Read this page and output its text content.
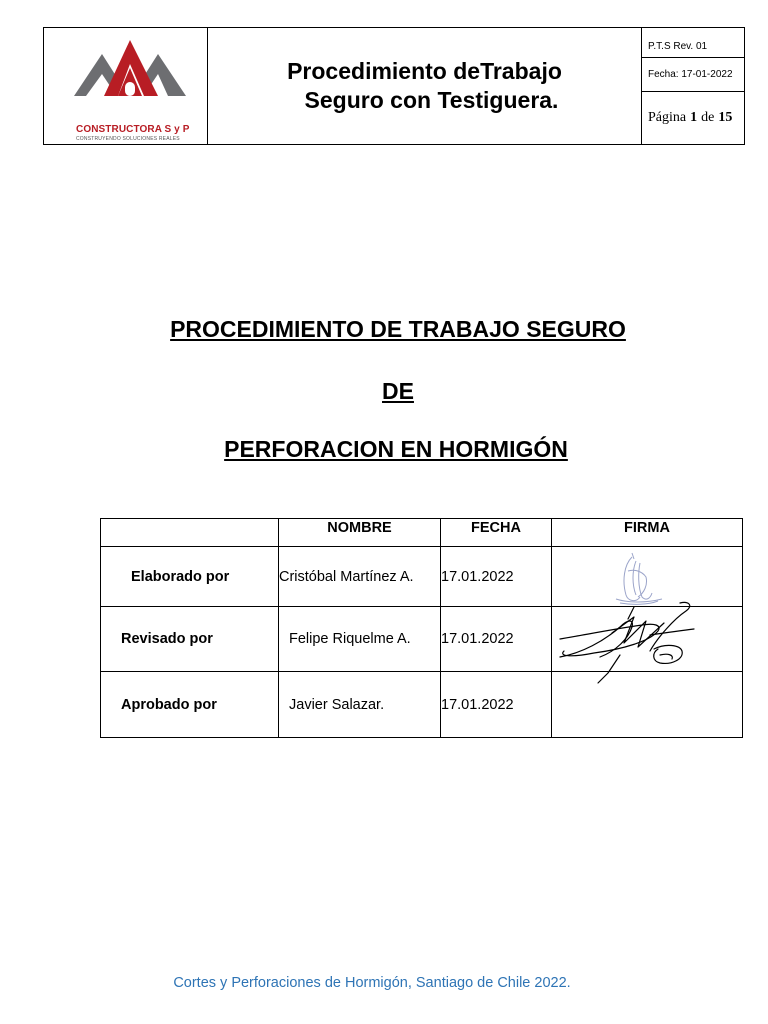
CONSTRUCTORA S y P
CONSTRUYENDO SOLUCIONES REALES
Procedimiento deTrabajo
Seguro con Testiguera.
P.T.S Rev. 01
Fecha: 17-01-2022
Página 1 de 15
PROCEDIMIENTO DE TRABAJO SEGURO
DE
PERFORACION EN HORMIGÓN
	NOMBRE	FECHA	FIRMA
Elaborado por	Cristóbal Martínez A.	17.01.2022	

Revisado por	Felipe Riquelme A.	17.01.2022	

Aprobado por	Javier Salazar.	17.01.2022	
Cortes y Perforaciones de Hormigón, Santiago de Chile 2022.
